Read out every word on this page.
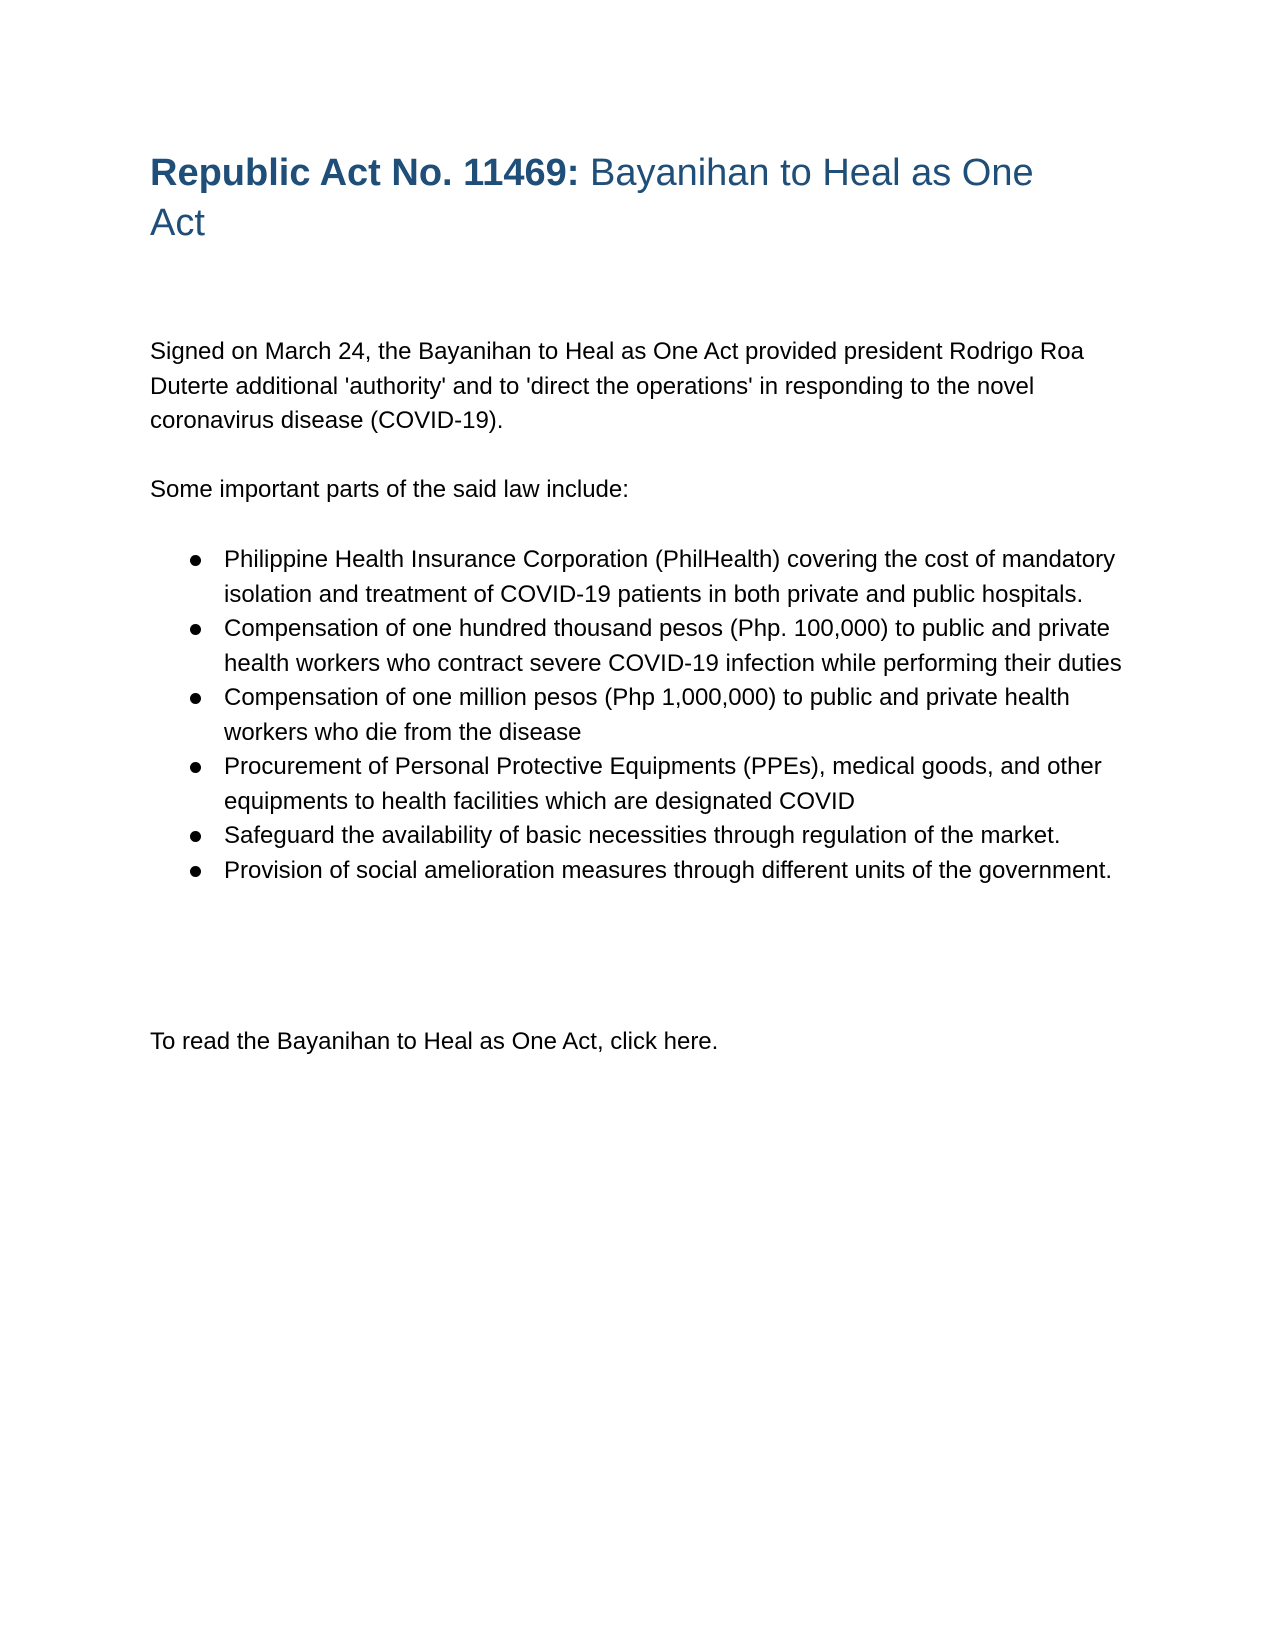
Republic Act No. 11469: Bayanihan to Heal as One Act

Signed on March 24, the Bayanihan to Heal as One Act provided president Rodrigo Roa Duterte additional 'authority' and to 'direct the operations' in responding to the novel coronavirus disease (COVID-19).

Some important parts of the said law include:

Philippine Health Insurance Corporation (PhilHealth) covering the cost of mandatory isolation and treatment of COVID-19 patients in both private and public hospitals.
Compensation of one hundred thousand pesos (Php. 100,000) to public and private health workers who contract severe COVID-19 infection while performing their duties
Compensation of one million pesos (Php 1,000,000) to public and private health workers who die from the disease
Procurement of Personal Protective Equipments (PPEs), medical goods, and other equipments to health facilities which are designated COVID
Safeguard the availability of basic necessities through regulation of the market.
Provision of social amelioration measures through different units of the government.

To read the Bayanihan to Heal as One Act, click here.
